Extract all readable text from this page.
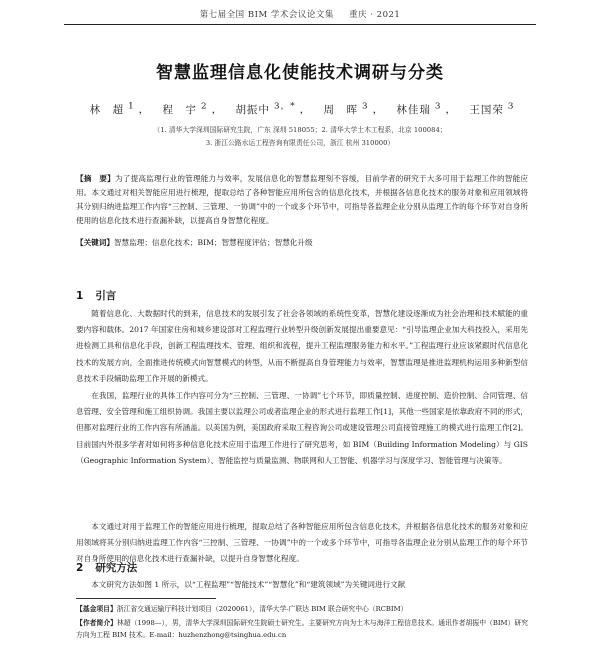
第七届全国 BIM 学术会议论文集 重庆 · 2021
智慧监理信息化使能技术调研与分类
林　超 $^1$ ， 程　宇 $^2$ ， 胡振中 $^{3,*}$ ， 周　晖 $^3$ ， 林佳瑞 $^3$ ， 王国荣 $^3$
（1. 清华大学深圳国际研究生院，广东 深圳 518055；2. 清华大学土木工程系，北京 100084；
3. 浙江公路水运工程咨询有限责任公司，浙江 杭州 310000）
【摘　要】为了提高监理行业的管理能力与效率，发展信息化的智慧监理刻不容缓，目前学者的研究于大多可用于监理工作的智能应用。本文通过对相关智能应用进行梳理，提取总结了各种智能应用所包含的信息化技术，并根据各信息化技术的服务对象和应用领域将其分别归纳进监理工作内容“三控制、三管理、一协调”中的一个或多个环节中，可指导各监理企业分别从监理工作的每个环节对自身所使用的信息化技术进行查漏补缺，以提高自身智慧化程度。
【关键词】智慧监理；信息化技术；BIM；智慧程度评估；智慧化升级
1 引言
随着信息化、大数据时代的到来，信息技术的发展引发了社会各领域的系统性变革，智慧化建设逐渐成为社会治理和技术赋能的重要内容和载体。2017 年国家住房和城乡建设部对工程监理行业转型升级创新发展提出重要意见：“引导监理企业加大科技投入，采用先进检测工具和信息化手段，创新工程监理技术、管理、组织和流程，提升工程监理服务能力和水平。”工程监理行业应该紧跟时代信息化技术的发展方向，全面推进传统模式向智慧模式的转型，从而不断提高自身管理能力与效率，智慧监理是推进监理机构运用多种新型信息技术手段辅助监理工作开展的新模式。
在我国，监理行业的具体工作内容可分为“三控制、三管理、一协调”七个环节，即质量控制、进度控制、造价控制、合同管理、信息管理、安全管理和施工组织协调。我国主要以监理公司或者监理企业的形式进行监理工作[1]，其他一些国家是依靠政府不同的形式，但都对监理行业的工作内容有所涵盖。以美国为例，美国政府采取工程咨询公司或建设管理公司直接管理施工的模式进行监理工作[2]。目前国内外很多学者对如何将多种信息化技术应用于监理工作进行了研究思考，如 BIM（Building Information Modeling）与 GIS（Geographic Information System）、智能监控与质量监测、物联网和人工智能、机器学习与深度学习、智能管理与决策等。
本文通过对用于监理工作的智能应用进行梳理，提取总结了各种智能应用所包含信息化技术，并根据各信息化技术的服务对象和应用领域将其分别归纳进监理工作内容“三控制、三管理、一协调”中的一个或多个环节中，可指导各监理企业分别从监理工作的每个环节对自身所使用的信息化技术进行查漏补缺，以提升自身智慧化程度。
2 研究方法
本文研究方法如图 1 所示，以“工程监理”“智能技术”“智慧化”和“建筑领域”为关键词进行文献
【基金项目】浙江省交通运输厅科技计划项目（2020061），清华大学-广联达 BIM 联合研究中心（RCBIM）
【作者简介】林超（1998—），男，清华大学深圳国际研究生院硕士研究生。主要研究方向为土木与海洋工程信息技术。通讯作者胡振中（BIM）研究方向为工程 BIM 技术。E-mail：huzhenzhong@tsinghua.edu.cn
